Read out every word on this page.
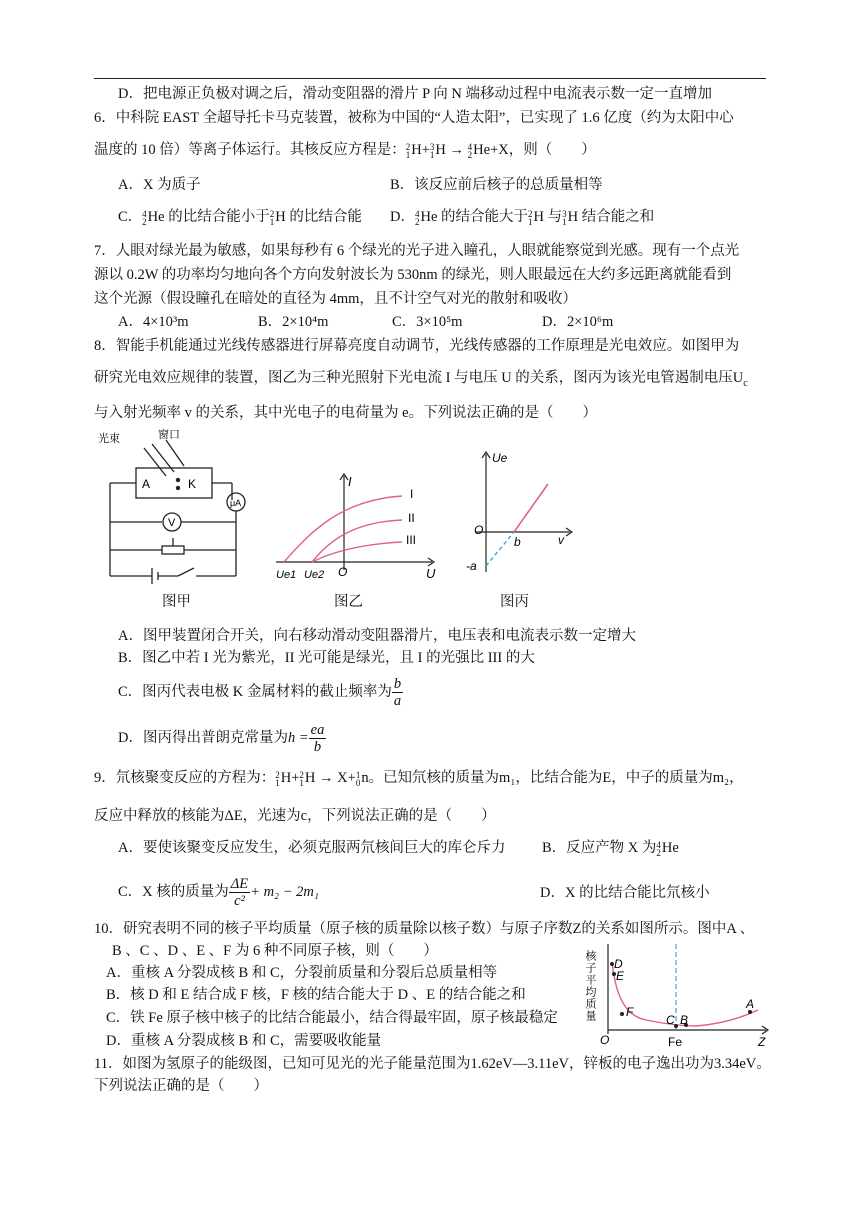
D．把电源正负极对调之后，滑动变阻器的滑片 P 向 N 端移动过程中电流表示数一定一直增加
6．中科院 EAST 全超导托卡马克装置，被称为中国的“人造太阳”，已实现了 1.6 亿度（约为太阳中心
温度的 10 倍）等离子体运行。其核反应方程是： 2
1 H+ 3
1 H → 4
2 He+X，则（　　）
A．X 为质子	B．该反应前后核子的总质量相等
C． 4
2 He 的比结合能小于 2
1 H 的比结合能 D． 4
2 He 的结合能大于 2
1 H 与 3
1 H 结合能之和
7．人眼对绿光最为敏感，如果每秒有 6 个绿光的光子进入瞳孔，人眼就能察觉到光感。现有一个点光
源以 0.2W 的功率均匀地向各个方向发射波长为 530nm 的绿光，则人眼最远在大约多远距离就能看到
这个光源（假设瞳孔在暗处的直径为 4mm，且不计空气对光的散射和吸收）
A．4×10³m	B．2×10⁴m	C．3×10⁵m	D．2×10⁶m
8．智能手机能通过光线传感器进行屏幕亮度自动调节，光线传感器的工作原理是光电效应。如图甲为
研究光电效应规律的装置，图乙为三种光照射下光电流 I 与电压 U 的关系，图丙为该光电管遏制电压$U_c$
与入射光频率 v 的关系，其中光电子的电荷量为 e。下列说法正确的是（　　）
光束	窗口
A	K
μA
V
图甲
I
U
O
Ue1 Ue2
I
II
III
图乙
Ue
O
b	v
-a
图丙
A．图甲装置闭合开关，向右移动滑动变阻器滑片，电压表和电流表示数一定增大
B．图乙中若 I 光为紫光，II 光可能是绿光，且 I 的光强比 III 的大
C．图丙代表电极 K 金属材料的截止频率为 $\frac{b}{a}$
D．图丙得出普朗克常量为$h = \frac{ea}{b}$
9．氘核聚变反应的方程为： 2
1 H+ 2
1 H → X+ 1
0 n。已知氘核的质量为m₁，比结合能为E，中子的质量为m₂，
反应中释放的核能为ΔE，光速为c，下列说法正确的是（　　）
A．要使该聚变反应发生，必须克服两氘核间巨大的库仑斥力	B．反应产物 X 为 4
2 He
C．X 核的质量为 $\frac{\Delta E}{\text{c²}} + m_2 - 2m_1$	D．X 的比结合能比氘核小
10．研究表明不同的核子平均质量（原子核的质量除以核子数）与原子序数Z的关系如图所示。图中A 、
B 、C 、D 、E 、F 为 6 种不同原子核，则（　　）
A．重核 A 分裂成核 B 和 C，分裂前质量和分裂后总质量相等
B．核 D 和 E 结合成 F 核，F 核的结合能大于 D 、E 的结合能之和
C．铁 Fe 原子核中核子的比结合能最小，结合得最牢固，原子核最稳定
D．重核 A 分裂成核 B 和 C，需要吸收能量
核子平均质量 D
E
F
C B
A
O	Fe	Z
11．如图为氢原子的能级图，已知可见光的光子能量范围为1.62eV—3.11eV，锌板的电子逸出功为3.34eV。
下列说法正确的是（　　）
